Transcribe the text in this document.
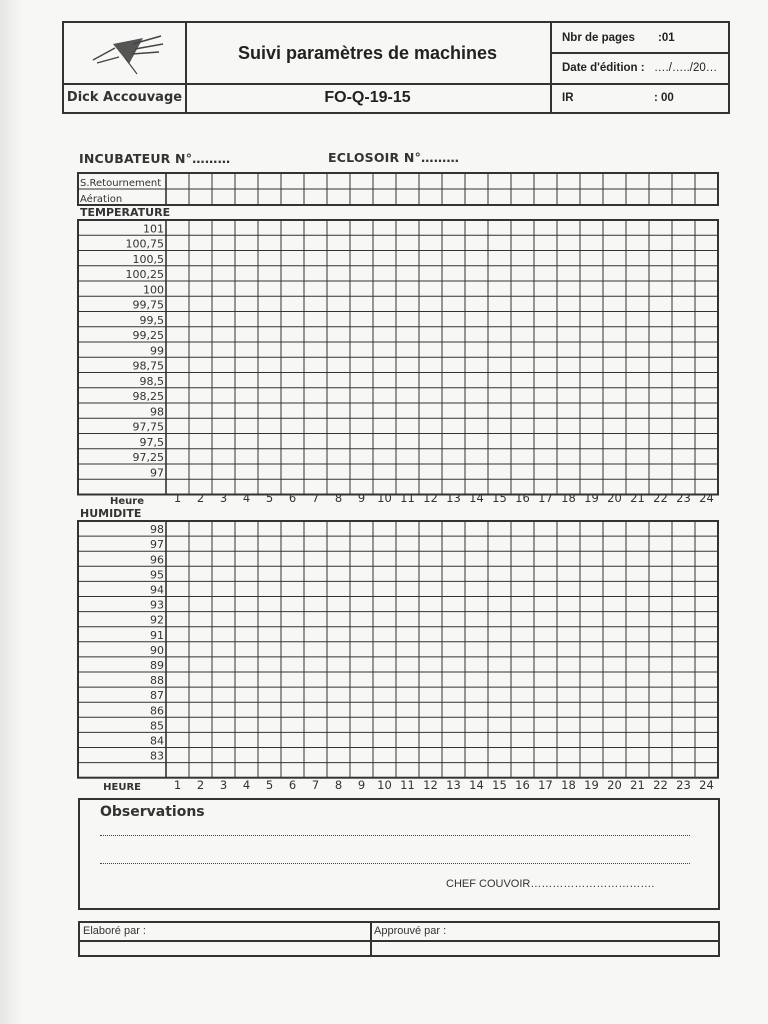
Suivi paramètres de machines
Dick Accouvage	FO-Q-19-15
Nbr de pages :01
Date d'édition : …./…../20…
IR	: 00
INCUBATEUR N°………	ECLOSOIR N°………
TEMPERATURE
HUMIDITE
S.Retournement
Aération
101
100,75
100,5
100,25
100
99,75
99,5
99,25
99
98,75
98,5
98,25
98
97,75
97,5
97,25
97
Heure	1 2 3 4 5 6 7 8 9 10 11 12 13 14 15 16 17 18 19 20 21 22 23 24
98
97
96
95
94
93
92
91
90
89
88
87
86
85
84
83
HEURE	1 2 3 4 5 6 7 8 9 10 11 12 13 14 15 16 17 18 19 20 21 22 23 24
Observations
CHEF COUVOIR…………………………….
Elaboré par :	Approuvé par :
